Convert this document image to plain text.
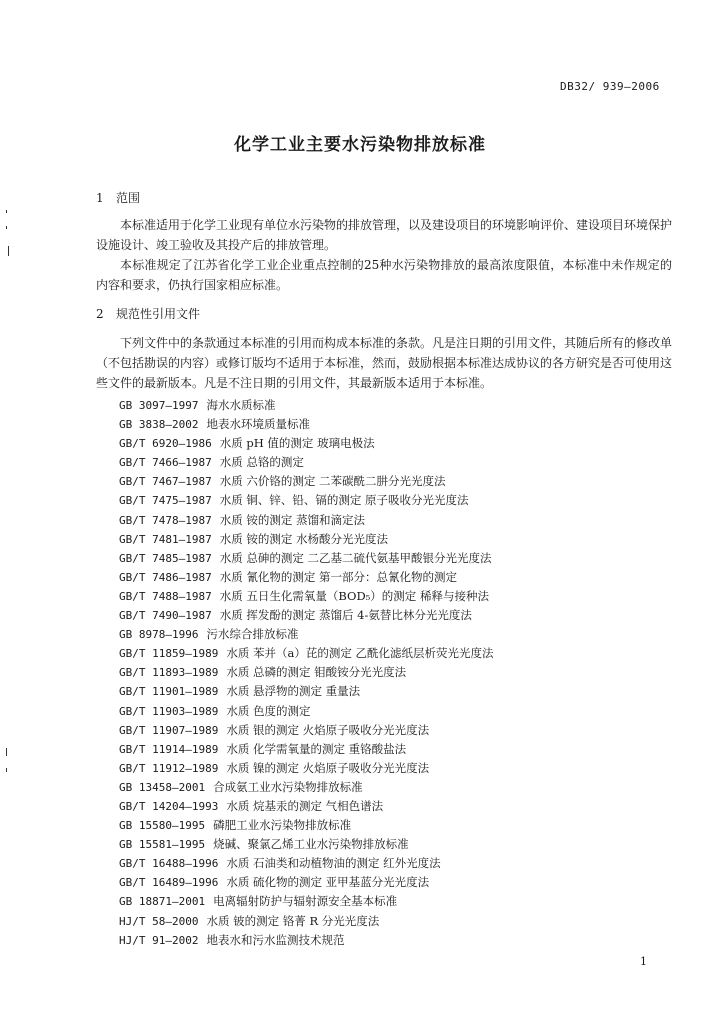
DB32/ 939—2006
化学工业主要水污染物排放标准
1 范围

本标准适用于化学工业现有单位水污染物的排放管理，以及建设项目的环境影响评价、建设项目环境保护设施设计、竣工验收及其投产后的排放管理。

本标准规定了江苏省化学工业企业重点控制的25种水污染物排放的最高浓度限值，本标准中未作规定的内容和要求，仍执行国家相应标准。

2 规范性引用文件

下列文件中的条款通过本标准的引用而构成本标准的条款。凡是注日期的引用文件，其随后所有的修改单（不包括勘误的内容）或修订版均不适用于本标准，然而，鼓励根据本标准达成协议的各方研究是否可使用这些文件的最新版本。凡是不注日期的引用文件，其最新版本适用于本标准。

GB 3097—1997 海水水质标准
GB 3838—2002 地表水环境质量标准
GB/T 6920—1986 水质 pH 值的测定 玻璃电极法
GB/T 7466—1987 水质 总铬的测定
GB/T 7467—1987 水质 六价铬的测定 二苯碳酰二肼分光光度法
GB/T 7475—1987 水质 铜、锌、铅、镉的测定 原子吸收分光光度法
GB/T 7478—1987 水质 铵的测定 蒸馏和滴定法
GB/T 7481—1987 水质 铵的测定 水杨酸分光光度法
GB/T 7485—1987 水质 总砷的测定 二乙基二硫代氨基甲酸银分光光度法
GB/T 7486—1987 水质 氰化物的测定 第一部分：总氰化物的测定
GB/T 7488—1987 水质 五日生化需氧量（BOD₅）的测定 稀释与接种法
GB/T 7490—1987 水质 挥发酚的测定 蒸馏后 4-氨替比林分光光度法
GB 8978—1996 污水综合排放标准
GB/T 11859—1989 水质 苯并（a）芘的测定 乙酰化滤纸层析荧光光度法
GB/T 11893—1989 水质 总磷的测定 钼酸铵分光光度法
GB/T 11901—1989 水质 悬浮物的测定 重量法
GB/T 11903—1989 水质 色度的测定
GB/T 11907—1989 水质 银的测定 火焰原子吸收分光光度法
GB/T 11914—1989 水质 化学需氧量的测定 重铬酸盐法
GB/T 11912—1989 水质 镍的测定 火焰原子吸收分光光度法
GB 13458—2001 合成氨工业水污染物排放标准
GB/T 14204—1993 水质 烷基汞的测定 气相色谱法
GB 15580—1995 磷肥工业水污染物排放标准
GB 15581—1995 烧碱、聚氯乙烯工业水污染物排放标准
GB/T 16488—1996 水质 石油类和动植物油的测定 红外光度法
GB/T 16489—1996 水质 硫化物的测定 亚甲基蓝分光光度法
GB 18871—2001 电离辐射防护与辐射源安全基本标准
HJ/T 58—2000 水质 铍的测定 铬菁 R 分光光度法
HJ/T 91—2002 地表水和污水监测技术规范
1
